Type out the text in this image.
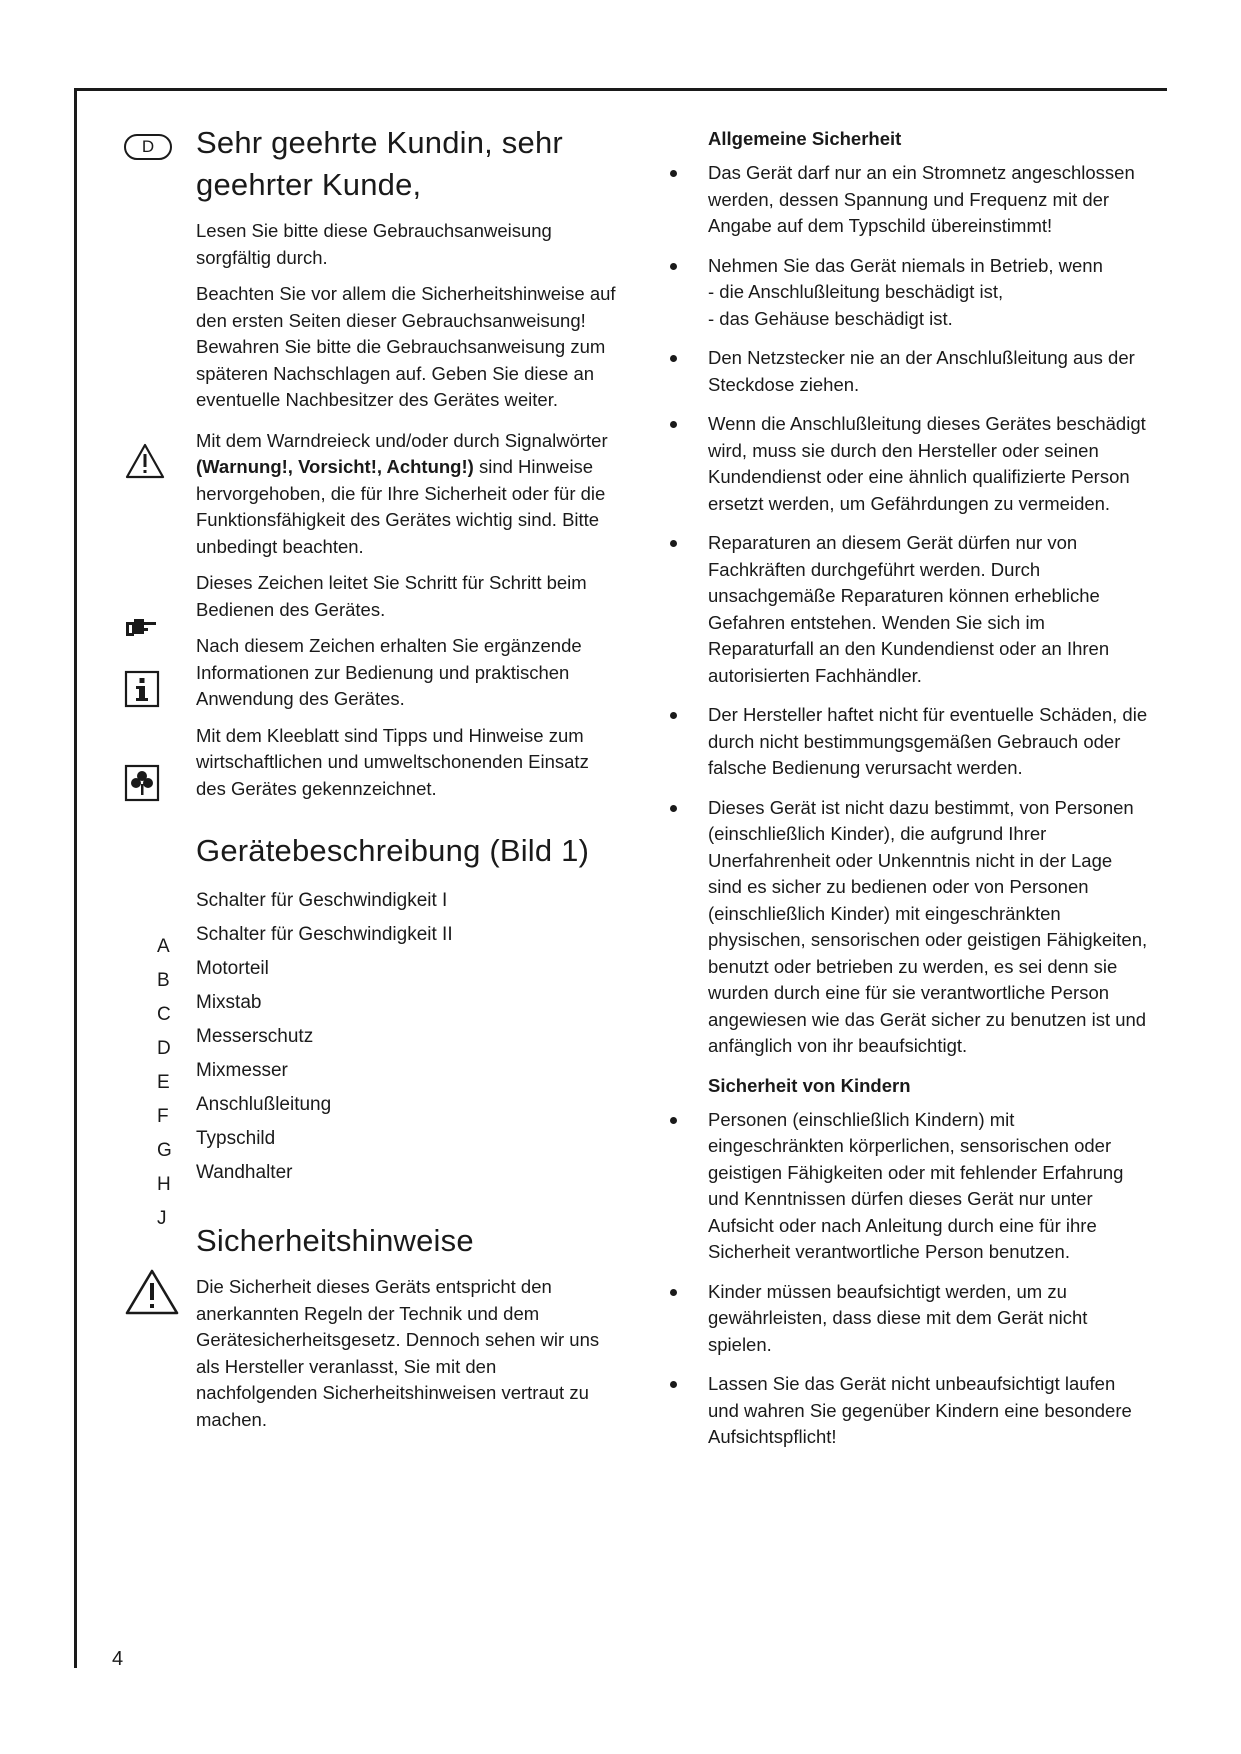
D Sehr geehrte Kundin, sehr geehrter Kunde,

Lesen Sie bitte diese Gebrauchsanweisung sorgfältig durch.

Beachten Sie vor allem die Sicherheitshinweise auf den ersten Seiten dieser Gebrauchsanweisung! Bewahren Sie bitte die Gebrauchsanweisung zum späteren Nachschlagen auf. Geben Sie diese an eventuelle Nachbesitzer des Gerätes weiter.

Mit dem Warndreieck und/oder durch Signalwörter (Warnung!, Vorsicht!, Achtung!) sind Hinweise hervorgehoben, die für Ihre Sicherheit oder für die Funktionsfähigkeit des Gerätes wichtig sind. Bitte unbedingt beachten.

Dieses Zeichen leitet Sie Schritt für Schritt beim Bedienen des Gerätes.

Nach diesem Zeichen erhalten Sie ergänzende Informationen zur Bedienung und praktischen Anwendung des Gerätes.

Mit dem Kleeblatt sind Tipps und Hinweise zum wirtschaftlichen und umweltschonenden Einsatz des Gerätes gekennzeichnet.

Gerätebeschreibung (Bild 1)
Schalter für Geschwindigkeit I
Schalter für Geschwindigkeit II
Motorteil
Mixstab
Messerschutz
Mixmesser
Anschlußleitung
Typschild
Wandhalter
Sicherheitshinweise

Die Sicherheit dieses Geräts entspricht den anerkannten Regeln der Technik und dem Gerätesicherheitsgesetz. Dennoch sehen wir uns als Hersteller veranlasst, Sie mit den nachfolgenden Sicherheitshinweisen vertraut zu machen.

A
B
C
D
E
F
G
H
J

Allgemeine Sicherheit

Das Gerät darf nur an ein Stromnetz angeschlossen werden, dessen Spannung und Frequenz mit der Angabe auf dem Typschild übereinstimmt!

Nehmen Sie das Gerät niemals in Betrieb, wenn

- die Anschlußleitung beschädigt ist,
- das Gehäuse beschädigt ist.

Den Netzstecker nie an der Anschlußleitung aus der Steckdose ziehen.

Wenn die Anschlußleitung dieses Gerätes beschädigt wird, muss sie durch den Hersteller oder seinen Kundendienst oder eine ähnlich qualifizierte Person ersetzt werden, um Gefährdungen zu vermeiden.

Reparaturen an diesem Gerät dürfen nur von Fachkräften durchgeführt werden. Durch unsachgemäße Reparaturen können erhebliche Gefahren entstehen. Wenden Sie sich im Reparaturfall an den Kundendienst oder an Ihren autorisierten Fachhändler.

Der Hersteller haftet nicht für eventuelle Schäden, die durch nicht bestimmungsgemäßen Gebrauch oder falsche Bedienung verursacht werden.

Dieses Gerät ist nicht dazu bestimmt, von Personen (einschließlich Kinder), die aufgrund Ihrer Unerfahrenheit oder Unkenntnis nicht in der Lage sind es sicher zu bedienen oder von Personen (einschließlich Kinder) mit eingeschränkten physischen, sensorischen oder geistigen Fähigkeiten, benutzt oder betrieben zu werden, es sei denn sie wurden durch eine für sie verantwortliche Person angewiesen wie das Gerät sicher zu benutzen ist und anfänglich von ihr beaufsichtigt.

Sicherheit von Kindern

Personen (einschließlich Kindern) mit eingeschränkten körperlichen, sensorischen oder geistigen Fähigkeiten oder mit fehlender Erfahrung und Kenntnissen dürfen dieses Gerät nur unter Aufsicht oder nach Anleitung durch eine für ihre Sicherheit verantwortliche Person benutzen.

Kinder müssen beaufsichtigt werden, um zu gewährleisten, dass diese mit dem Gerät nicht spielen.

Lassen Sie das Gerät nicht unbeaufsichtigt laufen und wahren Sie gegenüber Kindern eine besondere Aufsichtspflicht!

4
